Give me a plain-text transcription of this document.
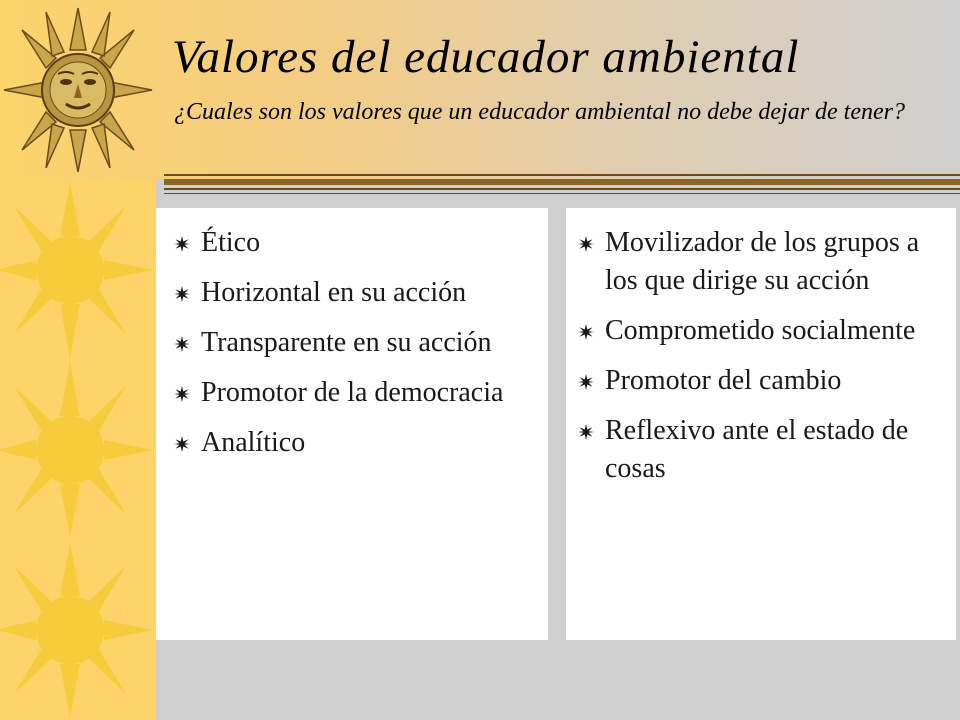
Valores del educador ambiental

¿Cuales son los valores que un educador ambiental no debe dejar de tener?

Ético
Horizontal en su acción
Transparente en su acción
Promotor de la democracia
Analítico
Movilizador de los grupos a los que dirige su acción
Comprometido socialmente
Promotor del cambio
Reflexivo ante el estado de cosas
